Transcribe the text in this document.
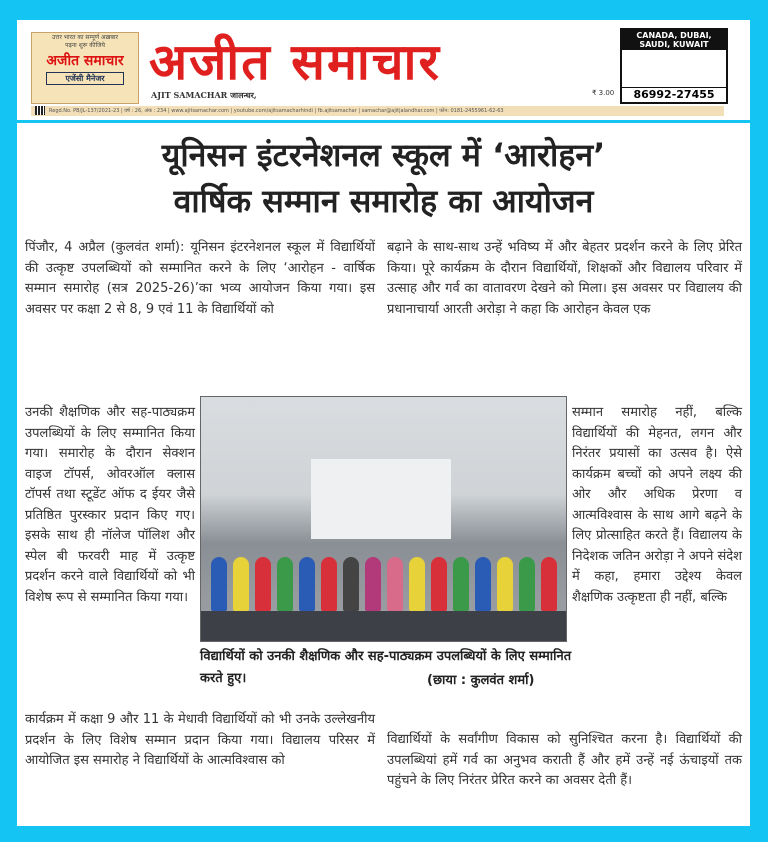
उत्तर भारत का सम्पूर्ण अख़बार
पढ़ना शुरू कीजिये
अजीत समाचार
एजेंसी मैनेजर अजीत समाचार
AJIT SAMACHAR जालन्धर,	₹ 3.00
CANADA, DUBAI, SAUDI, KUWAIT
86992-27455
Regd.No. PB/JL-137/2021-23 | वर्ष : 26, अंक : 234 | www.ajitsamachar.com | youtube.com/ajitsamacharhindi | fb.ajitsamachar | samachar@ajitjalandhar.com | फोन: 0181-2455961-62-63
यूनिसन इंटरनेशनल स्कूल में ‘आरोहन’
वार्षिक सम्मान समारोह का आयोजन
पिंजौर, 4 अप्रैल (कुलवंत शर्मा): यूनिसन इंटरनेशनल स्कूल में विद्यार्थियों की उत्कृष्ट उपलब्धियों को सम्मानित करने के लिए ‘आरोहन - वार्षिक सम्मान समारोह (सत्र 2025-26)’का भव्य आयोजन किया गया। इस अवसर पर कक्षा 2 से 8, 9 एवं 11 के विद्यार्थियों को
उनकी शैक्षणिक और सह-पाठ्यक्रम उपलब्धियों के लिए सम्मानित किया गया। समारोह के दौरान सेक्शन वाइज टॉपर्स, ओवरऑल क्लास टॉपर्स तथा स्टूडेंट ऑफ द ईयर जैसे प्रतिष्ठित पुरस्कार प्रदान किए गए। इसके साथ ही नॉलेज पॉलिश और स्पेल बी फरवरी माह में उत्कृष्ट प्रदर्शन करने वाले विद्यार्थियों को भी विशेष रूप से सम्मानित किया गया।
कार्यक्रम में कक्षा 9 और 11 के मेधावी विद्यार्थियों को भी उनके उल्लेखनीय प्रदर्शन के लिए विशेष सम्मान प्रदान किया गया। विद्यालय परिसर में आयोजित इस समारोह ने विद्यार्थियों के आत्मविश्वास को
बढ़ाने के साथ-साथ उन्हें भविष्य में और बेहतर प्रदर्शन करने के लिए प्रेरित किया। पूरे कार्यक्रम के दौरान विद्यार्थियों, शिक्षकों और विद्यालय परिवार में उत्साह और गर्व का वातावरण देखने को मिला। इस अवसर पर विद्यालय की प्रधानाचार्या आरती अरोड़ा ने कहा कि आरोहन केवल एक
सम्मान समारोह नहीं, बल्कि विद्यार्थियों की मेहनत, लगन और निरंतर प्रयासों का उत्सव है। ऐसे कार्यक्रम बच्चों को अपने लक्ष्य की ओर और अधिक प्रेरणा व आत्मविश्वास के साथ आगे बढ़ने के लिए प्रोत्साहित करते हैं। विद्यालय के निदेशक जतिन अरोड़ा ने अपने संदेश में कहा, हमारा उद्देश्य केवल शैक्षणिक उत्कृष्टता ही नहीं, बल्कि
विद्यार्थियों के सर्वांगीण विकास को सुनिश्चित करना है। विद्यार्थियों की उपलब्धियां हमें गर्व का अनुभव कराती हैं और हमें उन्हें नई ऊंचाइयों तक पहुंचने के लिए निरंतर प्रेरित करने का अवसर देती हैं।
विद्यार्थियों को उनकी शैक्षणिक और सह-पाठ्यक्रम उपलब्धियों के लिए सम्मानित करते हुए।	(छाया : कुलवंत शर्मा)
